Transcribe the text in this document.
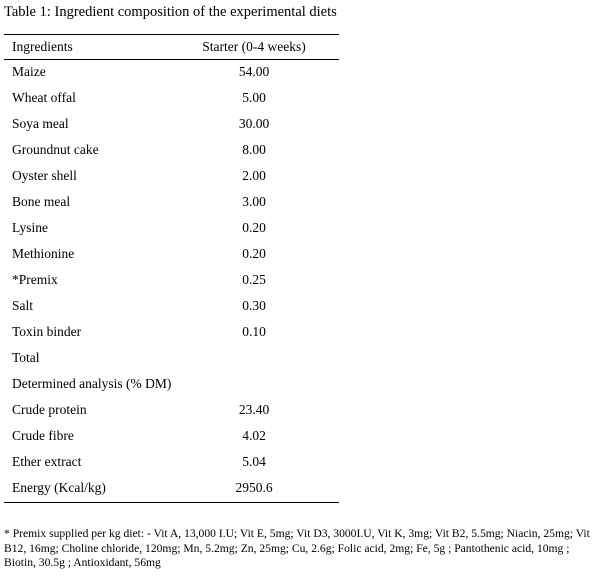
Table 1: Ingredient composition of the experimental diets
Ingredients	Starter (0-4 weeks)
Maize	54.00
Wheat offal	5.00
Soya meal	30.00
Groundnut cake	8.00
Oyster shell	2.00
Bone meal	3.00
Lysine	0.20
Methionine	0.20
*Premix	0.25
Salt	0.30
Toxin binder	0.10
Total
Determined analysis (% DM)
Crude protein	23.40
Crude fibre	4.02
Ether extract	5.04
Energy (Kcal/kg)	2950.6
* Premix supplied per kg diet: - Vit A, 13,000 I.U; Vit E, 5mg; Vit D3, 3000I.U, Vit K, 3mg; Vit B2, 5.5mg; Niacin, 25mg; Vit B12, 16mg; Choline chloride, 120mg; Mn, 5.2mg; Zn, 25mg; Cu, 2.6g; Folic acid, 2mg; Fe, 5g ; Pantothenic acid, 10mg ; Biotin, 30.5g ; Antioxidant, 56mg
